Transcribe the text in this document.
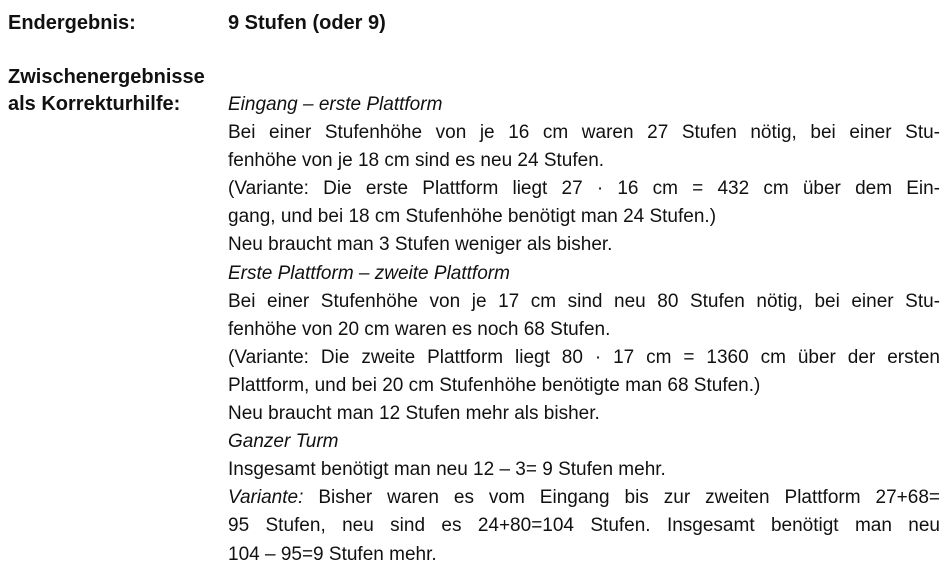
Endergebnis:	9 Stufen (oder 9)
Zwischenergebnisse
als Korrekturhilfe:	Eingang – erste Plattform
Bei einer Stufenhöhe von je 16 cm waren 27 Stufen nötig, bei einer Stu-
fenhöhe von je 18 cm sind es neu 24 Stufen.
(Variante: Die erste Plattform liegt 27 · 16 cm = 432 cm über dem Ein-
gang, und bei 18 cm Stufenhöhe benötigt man 24 Stufen.)
Neu braucht man 3 Stufen weniger als bisher.
Erste Plattform – zweite Plattform
Bei einer Stufenhöhe von je 17 cm sind neu 80 Stufen nötig, bei einer Stu-
fenhöhe von 20 cm waren es noch 68 Stufen.
(Variante: Die zweite Plattform liegt 80 · 17 cm = 1360 cm über der ersten
Plattform, und bei 20 cm Stufenhöhe benötigte man 68 Stufen.)
Neu braucht man 12 Stufen mehr als bisher.
Ganzer Turm
Insgesamt benötigt man neu 12 – 3= 9 Stufen mehr.
Variante: Bisher waren es vom Eingang bis zur zweiten Plattform 27+68=
95 Stufen, neu sind es 24+80=104 Stufen. Insgesamt benötigt man neu
104 – 95=9 Stufen mehr.
